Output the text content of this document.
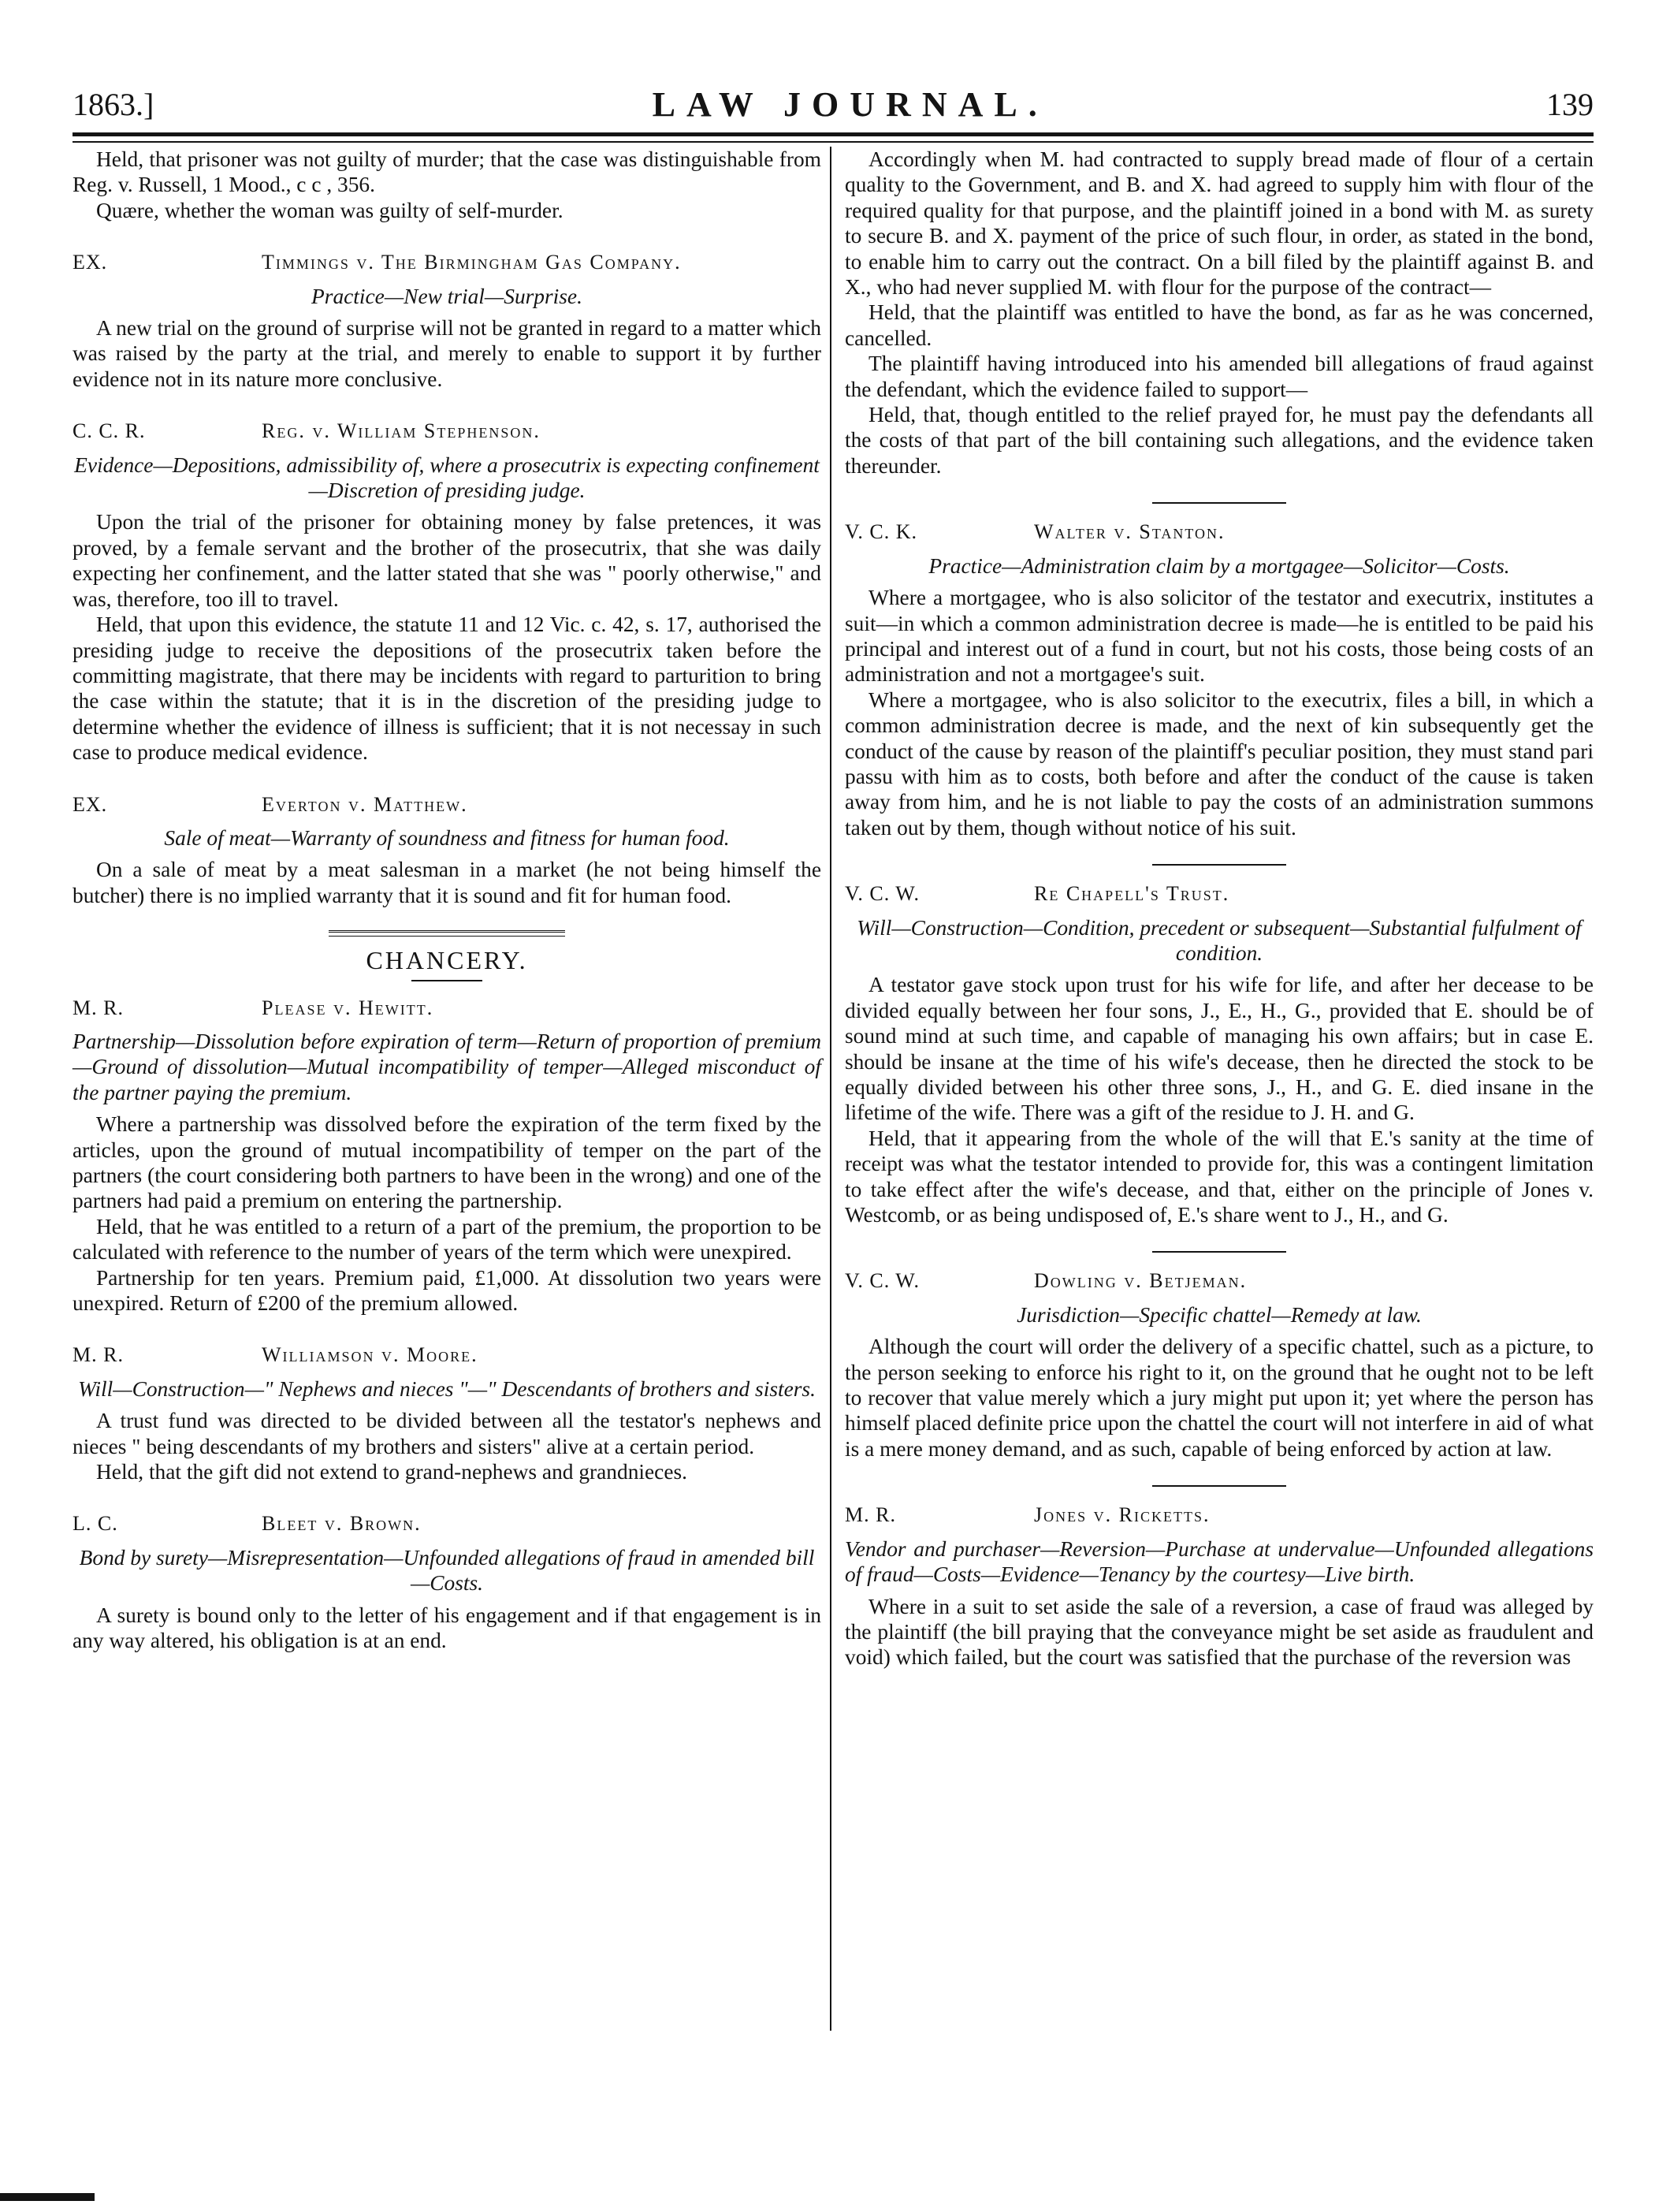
1863.]	LAW JOURNAL.	139

Held, that prisoner was not guilty of murder; that the case was distinguishable from Reg. v. Russell, 1 Mood., c c , 356.

Quære, whether the woman was guilty of self-murder.

EX.	Timmings v. The Birmingham Gas Company.
Practice—New trial—Surprise.

A new trial on the ground of surprise will not be granted in regard to a matter which was raised by the party at the trial, and merely to enable to support it by further evidence not in its nature more conclusive.

C. C. R.	Reg. v. William Stephenson.
Evidence—Depositions, admissibility of, where a prosecutrix is expecting confinement—Discretion of presiding judge.

Upon the trial of the prisoner for obtaining money by false pretences, it was proved, by a female servant and the brother of the prosecutrix, that she was daily expecting her confinement, and the latter stated that she was " poorly otherwise," and was, therefore, too ill to travel.

Held, that upon this evidence, the statute 11 and 12 Vic. c. 42, s. 17, authorised the presiding judge to receive the depositions of the prosecutrix taken before the committing magistrate, that there may be incidents with regard to parturition to bring the case within the statute; that it is in the discretion of the presiding judge to determine whether the evidence of illness is sufficient; that it is not necessay in such case to produce medical evidence.

EX.	Everton v. Matthew.
Sale of meat—Warranty of soundness and fitness for human food.

On a sale of meat by a meat salesman in a market (he not being himself the butcher) there is no implied warranty that it is sound and fit for human food.

CHANCERY.
M. R.	Please v. Hewitt.
Partnership—Dissolution before expiration of term—Return of proportion of premium—Ground of dissolution—Mutual incompatibility of temper—Alleged misconduct of the partner paying the premium.

Where a partnership was dissolved before the expiration of the term fixed by the articles, upon the ground of mutual incompatibility of temper on the part of the partners (the court considering both partners to have been in the wrong) and one of the partners had paid a premium on entering the partnership.

Held, that he was entitled to a return of a part of the premium, the proportion to be calculated with reference to the number of years of the term which were unexpired.

Partnership for ten years. Premium paid, £1,000. At dissolution two years were unexpired. Return of £200 of the premium allowed.

M. R.	Williamson v. Moore.
Will—Construction—" Nephews and nieces "—" Descendants of brothers and sisters.

A trust fund was directed to be divided between all the testator's nephews and nieces " being descendants of my brothers and sisters" alive at a certain period.

Held, that the gift did not extend to grand-nephews and grandnieces.

L. C.	Bleet v. Brown.
Bond by surety—Misrepresentation—Unfounded allegations of fraud in amended bill—Costs.

A surety is bound only to the letter of his engagement and if that engagement is in any way altered, his obligation is at an end.

Accordingly when M. had contracted to supply bread made of flour of a certain quality to the Government, and B. and X. had agreed to supply him with flour of the required quality for that purpose, and the plaintiff joined in a bond with M. as surety to secure B. and X. payment of the price of such flour, in order, as stated in the bond, to enable him to carry out the contract. On a bill filed by the plaintiff against B. and X., who had never supplied M. with flour for the purpose of the contract—

Held, that the plaintiff was entitled to have the bond, as far as he was concerned, cancelled.

The plaintiff having introduced into his amended bill allegations of fraud against the defendant, which the evidence failed to support—

Held, that, though entitled to the relief prayed for, he must pay the defendants all the costs of that part of the bill containing such allegations, and the evidence taken thereunder.

V. C. K.	Walter v. Stanton.
Practice—Administration claim by a mortgagee—Solicitor—Costs.

Where a mortgagee, who is also solicitor of the testator and executrix, institutes a suit—in which a common administration decree is made—he is entitled to be paid his principal and interest out of a fund in court, but not his costs, those being costs of an administration and not a mortgagee's suit.

Where a mortgagee, who is also solicitor to the executrix, files a bill, in which a common administration decree is made, and the next of kin subsequently get the conduct of the cause by reason of the plaintiff's peculiar position, they must stand pari passu with him as to costs, both before and after the conduct of the cause is taken away from him, and he is not liable to pay the costs of an administration summons taken out by them, though without notice of his suit.

V. C. W.	Re Chapell's Trust.
Will—Construction—Condition, precedent or subsequent—Substantial fulfulment of condition.

A testator gave stock upon trust for his wife for life, and after her decease to be divided equally between her four sons, J., E., H., G., provided that E. should be of sound mind at such time, and capable of managing his own affairs; but in case E. should be insane at the time of his wife's decease, then he directed the stock to be equally divided between his other three sons, J., H., and G. E. died insane in the lifetime of the wife. There was a gift of the residue to J. H. and G.

Held, that it appearing from the whole of the will that E.'s sanity at the time of receipt was what the testator intended to provide for, this was a contingent limitation to take effect after the wife's decease, and that, either on the principle of Jones v. Westcomb, or as being undisposed of, E.'s share went to J., H., and G.

V. C. W.	Dowling v. Betjeman.
Jurisdiction—Specific chattel—Remedy at law.

Although the court will order the delivery of a specific chattel, such as a picture, to the person seeking to enforce his right to it, on the ground that he ought not to be left to recover that value merely which a jury might put upon it; yet where the person has himself placed definite price upon the chattel the court will not interfere in aid of what is a mere money demand, and as such, capable of being enforced by action at law.

M. R.	Jones v. Ricketts.
Vendor and purchaser—Reversion—Purchase at undervalue—Unfounded allegations of fraud—Costs—Evidence—Tenancy by the courtesy—Live birth.

Where in a suit to set aside the sale of a reversion, a case of fraud was alleged by the plaintiff (the bill praying that the conveyance might be set aside as fraudulent and void) which failed, but the court was satisfied that the purchase of the reversion was
